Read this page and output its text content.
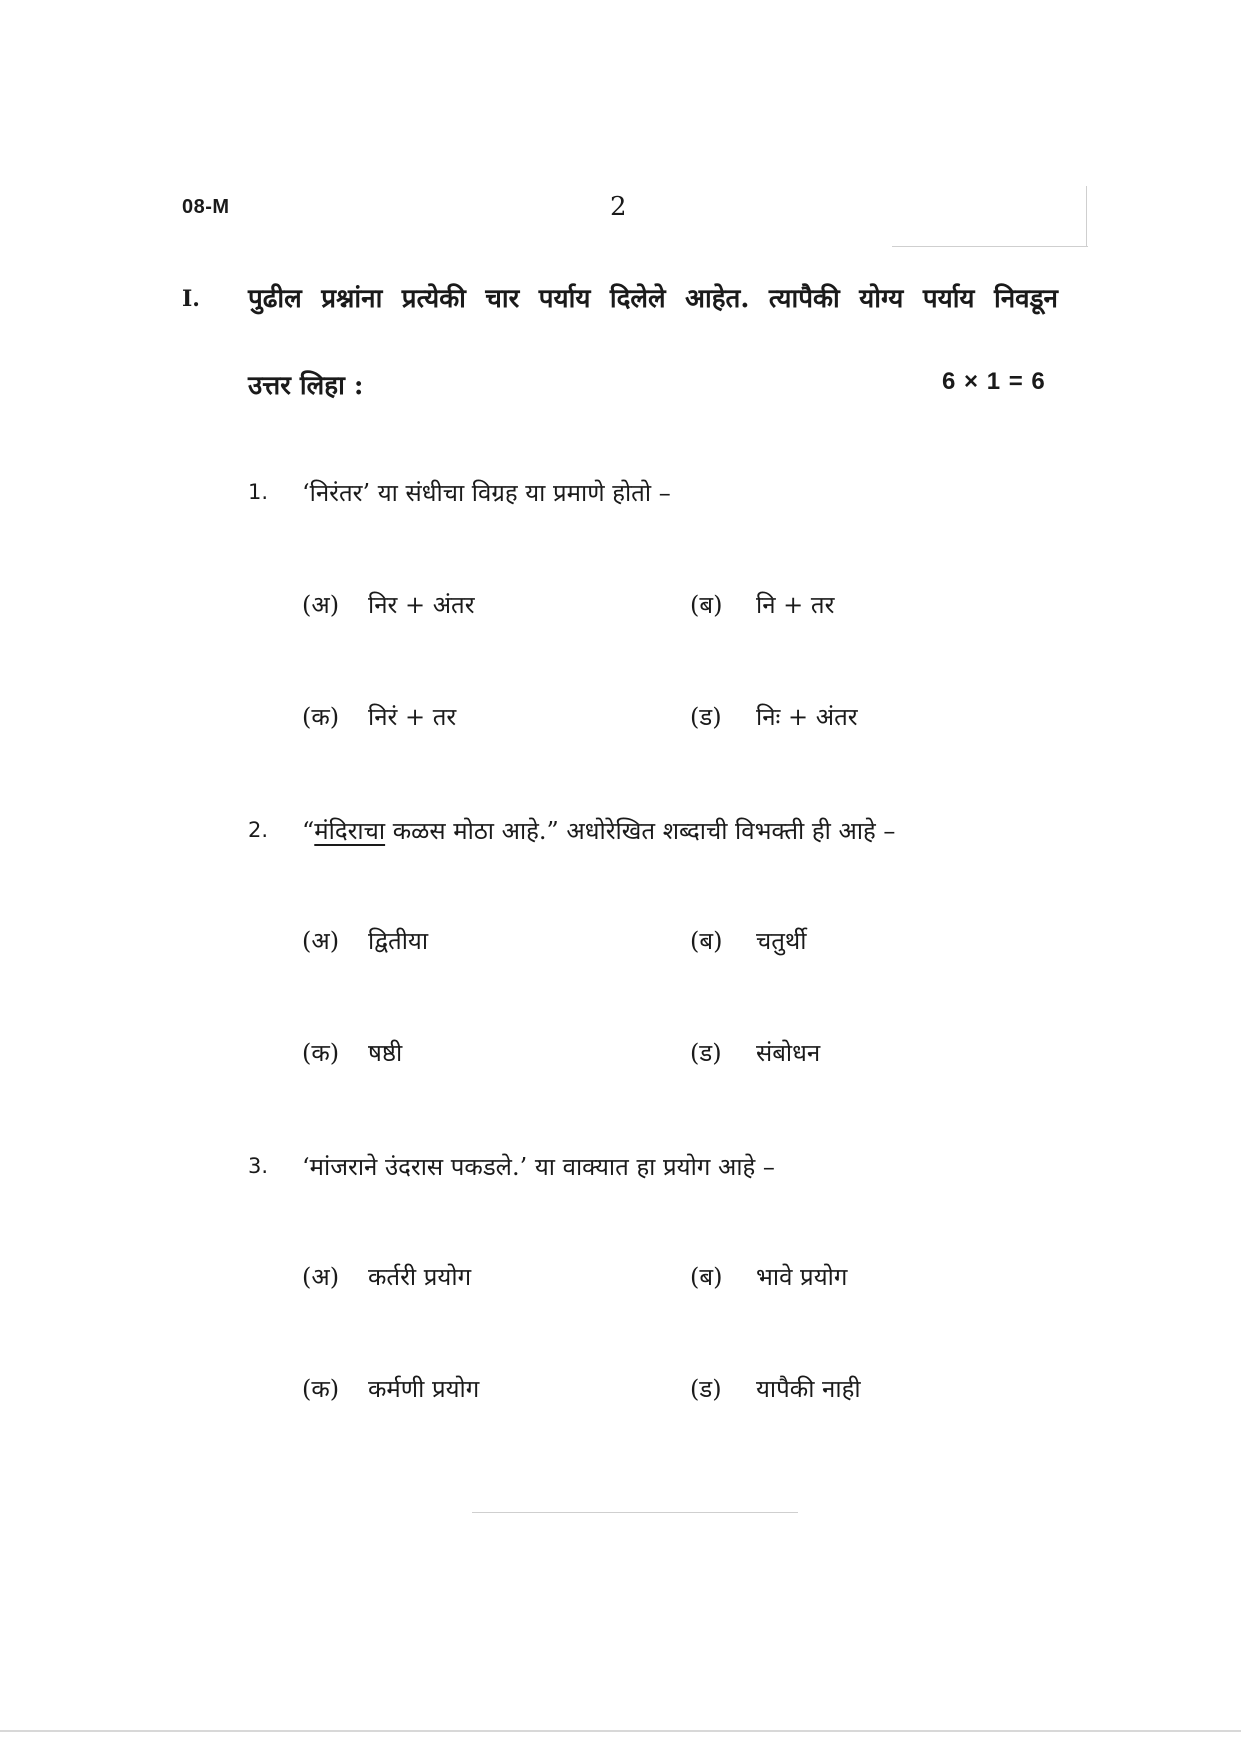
08-M	2
I. पुढील प्रश्नांना प्रत्येकी चार पर्याय दिलेले आहेत. त्यापैकी योग्य पर्याय निवडून
उत्तर लिहा :	6 × 1 = 6
1. ‘निरंतर’ या संधीचा विग्रह या प्रमाणे होतो –
(अ)	निर + अंतर	(ब)	नि + तर
(क)	निरं + तर	(ड)	निः + अंतर
2. “मंदिराचा कळस मोठा आहे.” अधोरेखित शब्दाची विभक्ती ही आहे –
(अ)	द्वितीया	(ब)	चतुर्थी
(क)	षष्ठी	(ड)	संबोधन
3. ‘मांजराने उंदरास पकडले.’ या वाक्यात हा प्रयोग आहे –
(अ)	कर्तरी प्रयोग	(ब)	भावे प्रयोग
(क)	कर्मणी प्रयोग	(ड)	यापैकी नाही
